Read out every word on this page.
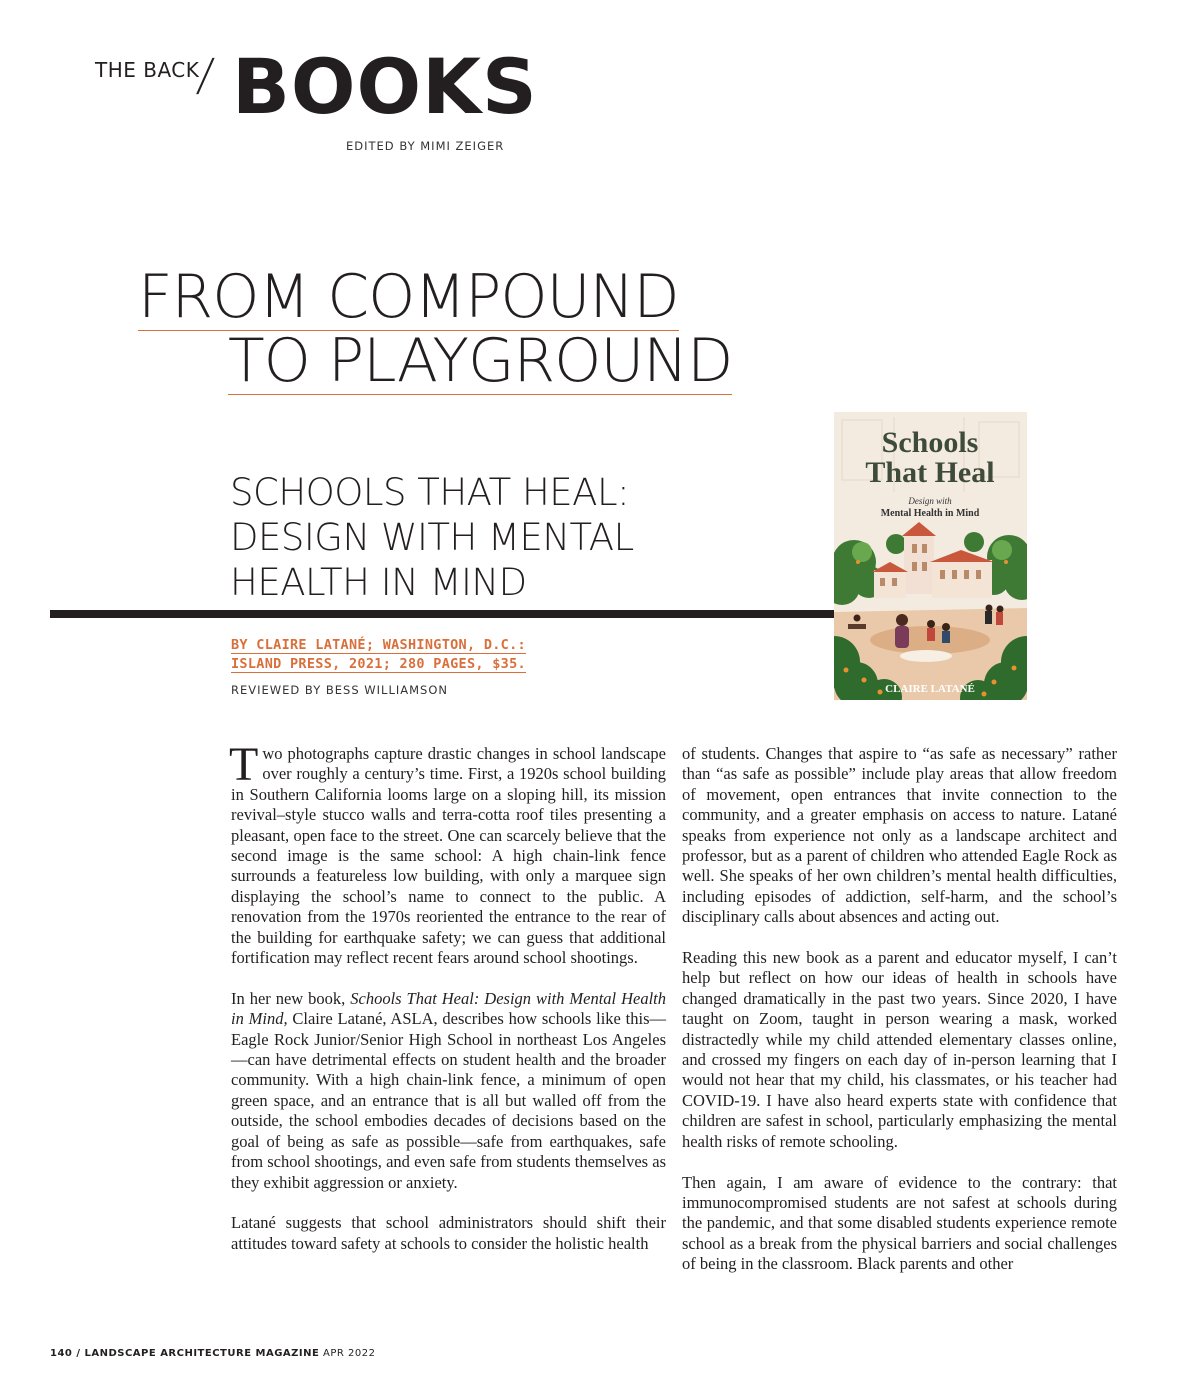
THE BACK
/ BOOKS
EDITED BY MIMI ZEIGER
FROM COMPOUND
TO PLAYGROUND
SCHOOLS THAT HEAL:
DESIGN WITH MENTAL
HEALTH IN MIND
BY CLAIRE LATANÉ; WASHINGTON, D.C.:
ISLAND PRESS, 2021; 280 PAGES, $35.
REVIEWED BY BESS WILLIAMSON
Schools
That Heal
Design with
Mental Health in Mind
CLAIRE LATANÉ

Two photographs capture drastic changes in school landscape over roughly a century’s time. First, a 1920s school building in Southern California looms large on a sloping hill, its mission revival–style stucco walls and terra-cotta roof tiles presenting a pleasant, open face to the street. One can scarcely believe that the second image is the same school: A high chain-link fence surrounds a featureless low building, with only a marquee sign displaying the school’s name to connect to the public. A renovation from the 1970s reoriented the entrance to the rear of the building for earthquake safety; we can guess that additional fortification may reflect recent fears around school shootings.

In her new book, Schools That Heal: Design with Mental Health in Mind, Claire Latané, ASLA, describes how schools like this—Eagle Rock Junior/Senior High School in northeast Los Angeles—can have detrimental effects on student health and the broader community. With a high chain-link fence, a minimum of open green space, and an entrance that is all but walled off from the outside, the school embodies decades of decisions based on the goal of being as safe as possible—safe from earthquakes, safe from school shootings, and even safe from students themselves as they exhibit aggression or anxiety.

Latané suggests that school administrators should shift their attitudes toward safety at schools to consider the holistic health

of students. Changes that aspire to “as safe as necessary” rather than “as safe as possible” include play areas that allow freedom of movement, open entrances that invite connection to the community, and a greater emphasis on access to nature. Latané speaks from experience not only as a landscape architect and professor, but as a parent of children who attended Eagle Rock as well. She speaks of her own children’s mental health difficulties, including episodes of addiction, self-harm, and the school’s disciplinary calls about absences and acting out.

Reading this new book as a parent and educator myself, I can’t help but reflect on how our ideas of health in schools have changed dramatically in the past two years. Since 2020, I have taught on Zoom, taught in person wearing a mask, worked distractedly while my child attended elementary classes online, and crossed my fingers on each day of in-person learning that I would not hear that my child, his classmates, or his teacher had COVID-19. I have also heard experts state with confidence that children are safest in school, particularly emphasizing the mental health risks of remote schooling.

Then again, I am aware of evidence to the contrary: that immunocompromised students are not safest at schools during the pandemic, and that some disabled students experience remote school as a break from the physical barriers and social challenges of being in the classroom. Black parents and other

140 / LANDSCAPE ARCHITECTURE MAGAZINE APR 2022
